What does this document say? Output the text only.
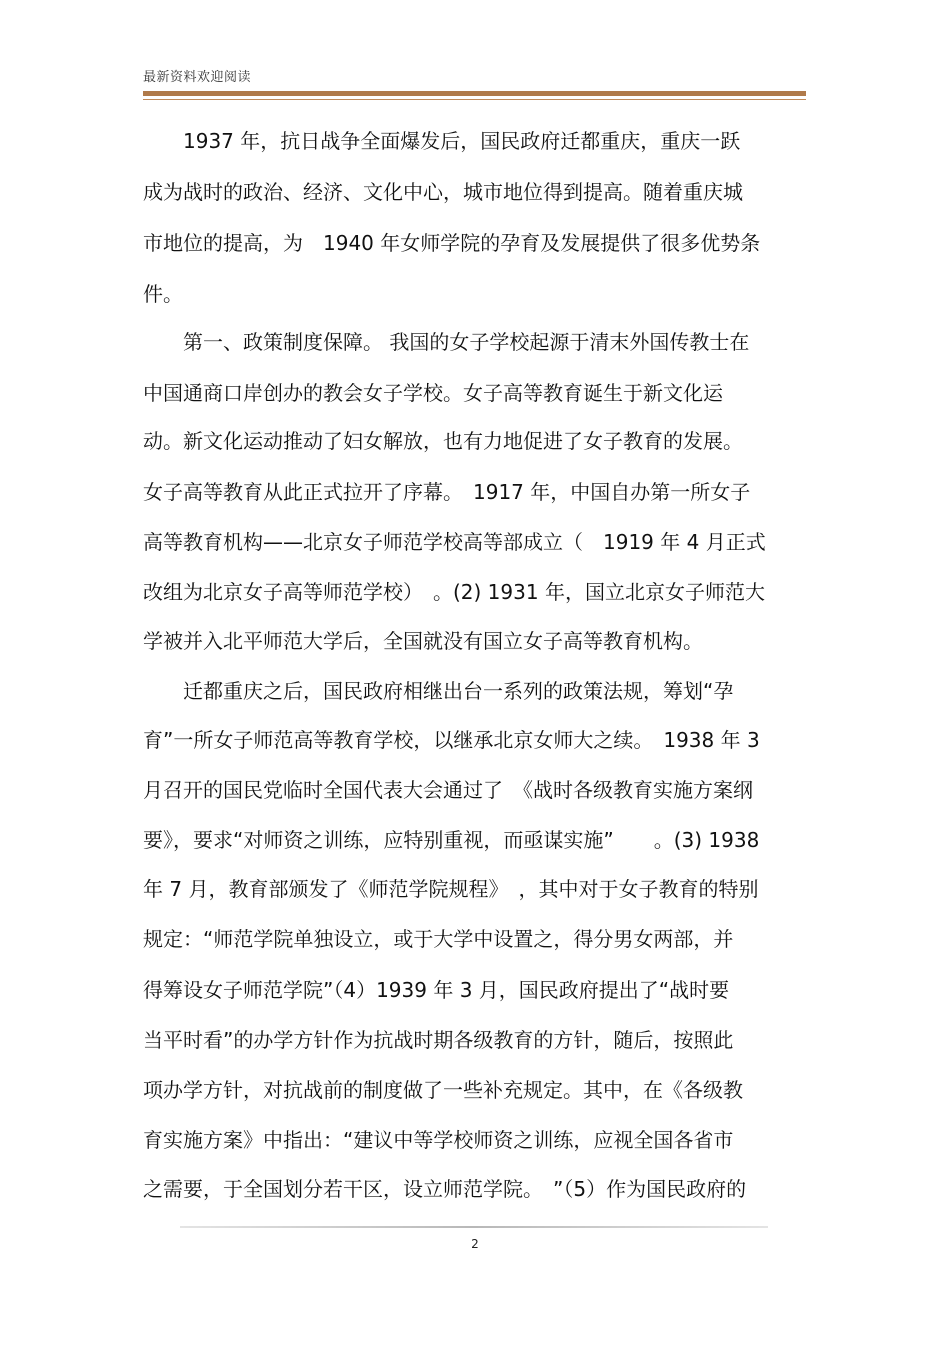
最新资料欢迎阅读
　　1937 年，抗日战争全面爆发后，国民政府迁都重庆，重庆一跃
成为战时的政治、经济、文化中心，城市地位得到提高。随着重庆城
市地位的提高，为　1940 年女师学院的孕育及发展提供了很多优势条
件。
　　第一、政策制度保障。 我国的女子学校起源于清末外国传教士在
中国通商口岸创办的教会女子学校。女子高等教育诞生于新文化运
动。新文化运动推动了妇女解放，也有力地促进了女子教育的发展。
女子高等教育从此正式拉开了序幕。　1917 年，中国自办第一所女子
高等教育机构——北京女子师范学校高等部成立（　1919 年 4 月正式
改组为北京女子高等师范学校）　。(2) 1931 年，国立北京女子师范大
学被并入北平师范大学后，全国就没有国立女子高等教育机构。
　　迁都重庆之后，国民政府相继出台一系列的政策法规，筹划“孕
育”一所女子师范高等教育学校，以继承北京女师大之续。　1938 年 3
月召开的国民党临时全国代表大会通过了　《战时各级教育实施方案纲
要》，要求“对师资之训练，应特别重视，而亟谋实施”　　。(3) 1938
年 7 月，教育部颁发了《师范学院规程》　，其中对于女子教育的特别
规定：“师范学院单独设立，或于大学中设置之，得分男女两部，并
得筹设女子师范学院”（4）1939 年 3 月，国民政府提出了“战时要
当平时看”的办学方针作为抗战时期各级教育的方针，随后，按照此
项办学方针，对抗战前的制度做了一些补充规定。其中，在《各级教
育实施方案》中指出：“建议中等学校师资之训练，应视全国各省市
之需要，于全国划分若干区，设立师范学院。　”（5）作为国民政府的
2
